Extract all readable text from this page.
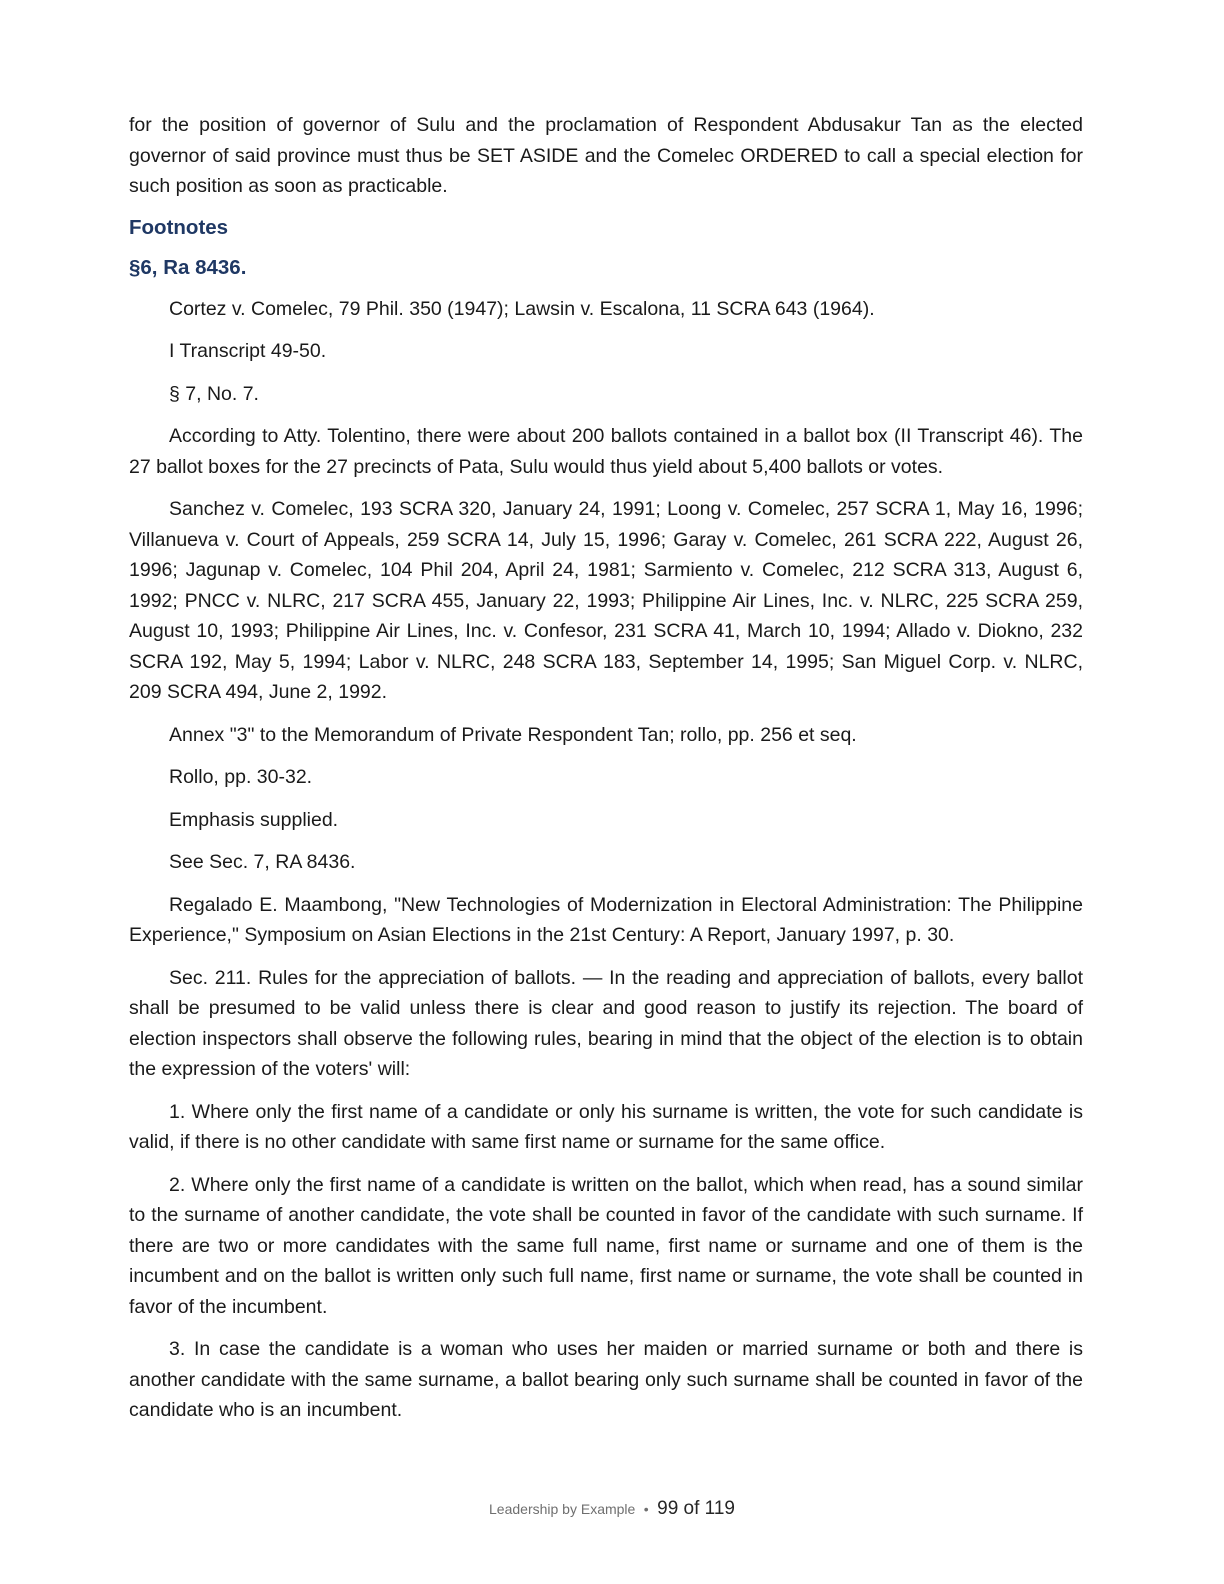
for the position of governor of Sulu and the proclamation of Respondent Abdusakur Tan as the elected governor of said province must thus be SET ASIDE and the Comelec ORDERED to call a special election for such position as soon as practicable.

Footnotes
§6, Ra 8436.

Cortez v. Comelec, 79 Phil. 350 (1947); Lawsin v. Escalona, 11 SCRA 643 (1964).

I Transcript 49-50.

§ 7, No. 7.

According to Atty. Tolentino, there were about 200 ballots contained in a ballot box (II Transcript 46). The 27 ballot boxes for the 27 precincts of Pata, Sulu would thus yield about 5,400 ballots or votes.

Sanchez v. Comelec, 193 SCRA 320, January 24, 1991; Loong v. Comelec, 257 SCRA 1, May 16, 1996; Villanueva v. Court of Appeals, 259 SCRA 14, July 15, 1996; Garay v. Comelec, 261 SCRA 222, August 26, 1996; Jagunap v. Comelec, 104 Phil 204, April 24, 1981; Sarmiento v. Comelec, 212 SCRA 313, August 6, 1992; PNCC v. NLRC, 217 SCRA 455, January 22, 1993; Philippine Air Lines, Inc. v. NLRC, 225 SCRA 259, August 10, 1993; Philippine Air Lines, Inc. v. Confesor, 231 SCRA 41, March 10, 1994; Allado v. Diokno, 232 SCRA 192, May 5, 1994; Labor v. NLRC, 248 SCRA 183, September 14, 1995; San Miguel Corp. v. NLRC, 209 SCRA 494, June 2, 1992.

Annex "3" to the Memorandum of Private Respondent Tan; rollo, pp. 256 et seq.

Rollo, pp. 30-32.

Emphasis supplied.

See Sec. 7, RA 8436.

Regalado E. Maambong, "New Technologies of Modernization in Electoral Administration: The Philippine Experience," Symposium on Asian Elections in the 21st Century: A Report, January 1997, p. 30.

Sec. 211. Rules for the appreciation of ballots. — In the reading and appreciation of ballots, every ballot shall be presumed to be valid unless there is clear and good reason to justify its rejection. The board of election inspectors shall observe the following rules, bearing in mind that the object of the election is to obtain the expression of the voters' will:

1. Where only the first name of a candidate or only his surname is written, the vote for such candidate is valid, if there is no other candidate with same first name or surname for the same office.

2. Where only the first name of a candidate is written on the ballot, which when read, has a sound similar to the surname of another candidate, the vote shall be counted in favor of the candidate with such surname. If there are two or more candidates with the same full name, first name or surname and one of them is the incumbent and on the ballot is written only such full name, first name or surname, the vote shall be counted in favor of the incumbent.

3. In case the candidate is a woman who uses her maiden or married surname or both and there is another candidate with the same surname, a ballot bearing only such surname shall be counted in favor of the candidate who is an incumbent.

Leadership by Example • 99 of 119
